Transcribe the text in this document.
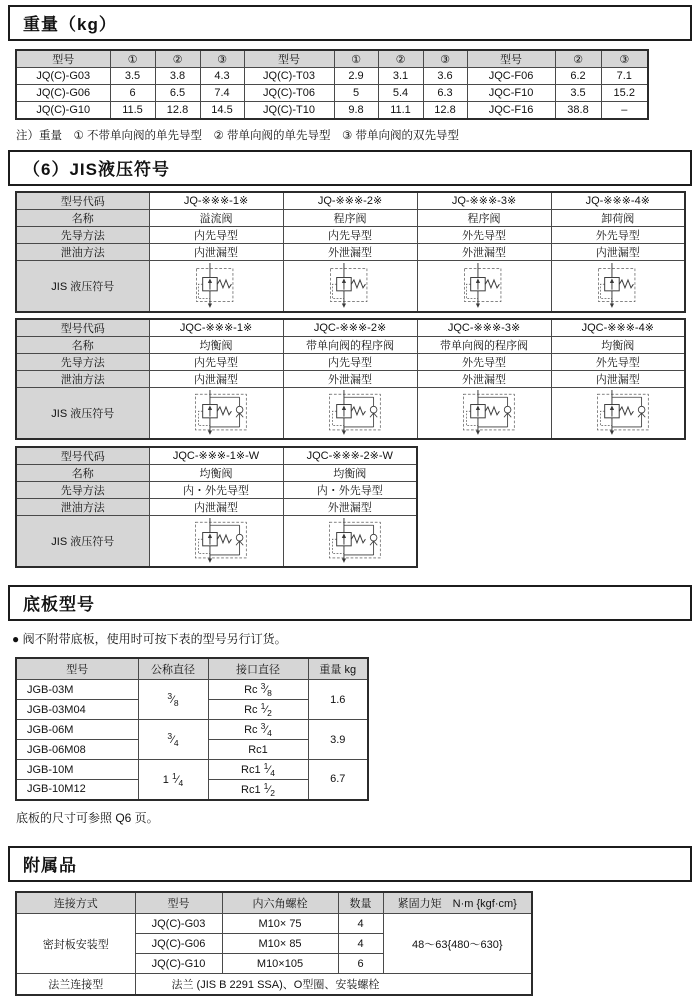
重量（kg）
型号	①	②	③	型号	①	②	③	型号	②	③
JQ(C)-G03	3.5	3.8	4.3	JQ(C)-T03	2.9	3.1	3.6	JQC-F06	6.2	7.1
JQ(C)-G06	6	6.5	7.4	JQ(C)-T06	5	5.4	6.3	JQC-F10	3.5	15.2
JQ(C)-G10	11.5	12.8	14.5	JQ(C)-T10	9.8	11.1	12.8	JQC-F16	38.8	–
注）重量　① 不带单向阀的单先导型　② 带单向阀的单先导型　③ 带单向阀的双先导型
（6）JIS液压符号
型号代码	JQ-※※※-1※	JQ-※※※-2※	JQ-※※※-3※	JQ-※※※-4※
名称	溢流阀	程序阀	程序阀	卸荷阀
先导方法	内先导型	内先导型	外先导型	外先导型
泄油方法	内泄漏型	外泄漏型	外泄漏型	内泄漏型
JIS 液压符号	

型号代码	JQC-※※※-1※	JQC-※※※-2※	JQC-※※※-3※	JQC-※※※-4※
名称	均衡阀	带单向阀的程序阀	带单向阀的程序阀	均衡阀
先导方法	内先导型	内先导型	外先导型	外先导型
泄油方法	内泄漏型	外泄漏型	外泄漏型	内泄漏型
JIS 液压符号	

型号代码	JQC-※※※-1※-W	JQC-※※※-2※-W
名称	均衡阀	均衡阀
先导方法	内・外先导型	内・外先导型
泄油方法	内泄漏型	外泄漏型
JIS 液压符号	

底板型号
● 阀不附带底板，使用时可按下表的型号另行订货。
型号	公称直径	接口直径	重量 kg
JGB-03M	$^3⁄_8$	Rc $^3⁄_8$	1.6
JGB-03M04		Rc $^1⁄_2$
JGB-06M	$^3⁄_4$	Rc $^3⁄_4$	3.9
JGB-06M08		Rc1	
JGB-10M	1 $^1⁄_4$	Rc1 $^1⁄_4$	6.7
JGB-10M12		Rc1 $^1⁄_2$
底板的尺寸可参照 Q6 页。
附属品
连接方式	型号	内六角螺栓	数量	紧固力矩　N·m {kgf·cm}
密封板安装型	JQ(C)-G03	M10× 75	4	48～63{480～630}
	JQ(C)-G06	M10× 85	4	
	JQ(C)-G10	M10×105	6	
法兰连接型	法兰 (JIS B 2291 SSA)、O型圈、安装螺栓			
